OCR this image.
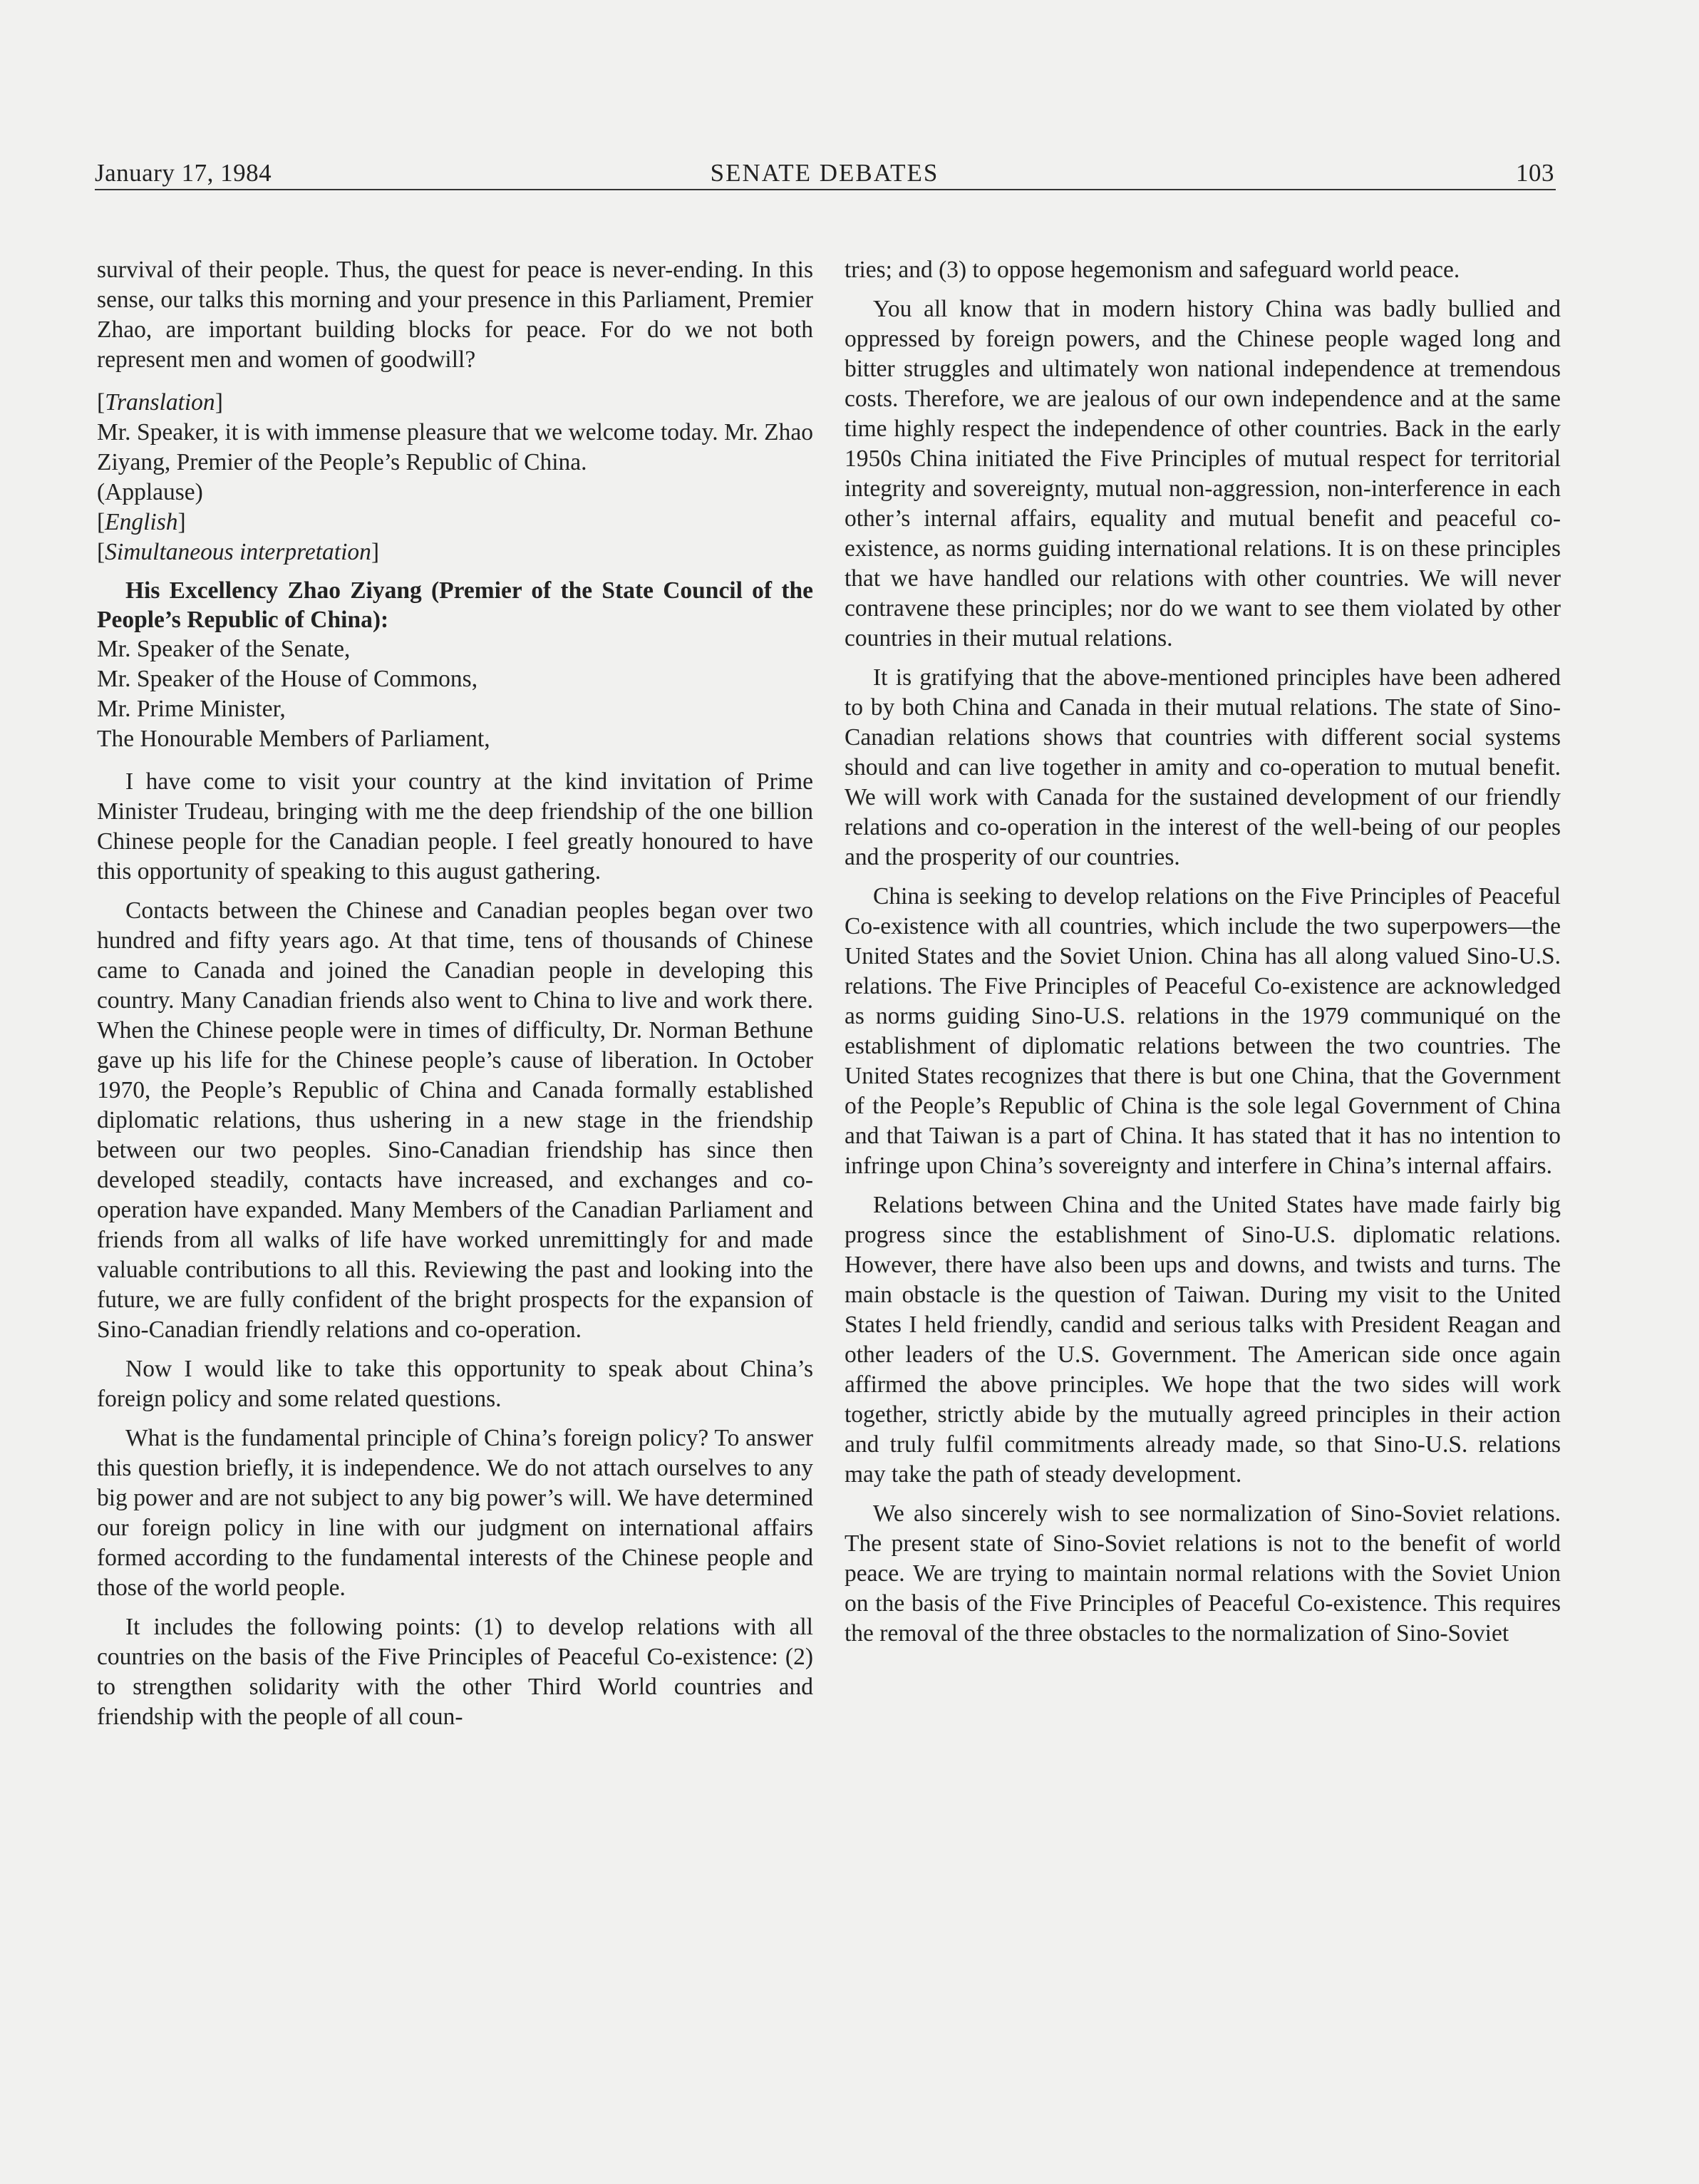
January 17, 1984	SENATE DEBATES	103

survival of their people. Thus, the quest for peace is never-ending. In this sense, our talks this morning and your presence in this Parliament, Premier Zhao, are important building blocks for peace. For do we not both represent men and women of goodwill?

[Translation]

Mr. Speaker, it is with immense pleasure that we welcome today. Mr. Zhao Ziyang, Premier of the People’s Republic of China.

(Applause)

[English]

[Simultaneous interpretation]

His Excellency Zhao Ziyang (Premier of the State Council of the People’s Republic of China):

Mr. Speaker of the Senate,

Mr. Speaker of the House of Commons,

Mr. Prime Minister,

The Honourable Members of Parliament,

I have come to visit your country at the kind invitation of Prime Minister Trudeau, bringing with me the deep friendship of the one billion Chinese people for the Canadian people. I feel greatly honoured to have this opportunity of speaking to this august gathering.

Contacts between the Chinese and Canadian peoples began over two hundred and fifty years ago. At that time, tens of thousands of Chinese came to Canada and joined the Canadian people in developing this country. Many Canadian friends also went to China to live and work there. When the Chinese people were in times of difficulty, Dr. Norman Bethune gave up his life for the Chinese people’s cause of liberation. In October 1970, the People’s Republic of China and Canada formally established diplomatic relations, thus ushering in a new stage in the friendship between our two peoples. Sino-Canadian friendship has since then developed steadily, contacts have increased, and exchanges and co-operation have expanded. Many Members of the Canadian Parliament and friends from all walks of life have worked unremittingly for and made valuable contributions to all this. Reviewing the past and looking into the future, we are fully confident of the bright prospects for the expansion of Sino-Canadian friendly relations and co-operation.

Now I would like to take this opportunity to speak about China’s foreign policy and some related questions.

What is the fundamental principle of China’s foreign policy? To answer this question briefly, it is independence. We do not attach ourselves to any big power and are not subject to any big power’s will. We have determined our foreign policy in line with our judgment on international affairs formed according to the fundamental interests of the Chinese people and those of the world people.

It includes the following points: (1) to develop relations with all countries on the basis of the Five Principles of Peaceful Co-existence: (2) to strengthen solidarity with the other Third World countries and friendship with the people of all coun-

tries; and (3) to oppose hegemonism and safeguard world peace.

You all know that in modern history China was badly bullied and oppressed by foreign powers, and the Chinese people waged long and bitter struggles and ultimately won national independence at tremendous costs. Therefore, we are jealous of our own independence and at the same time highly respect the independence of other countries. Back in the early 1950s China initiated the Five Principles of mutual respect for territorial integrity and sovereignty, mutual non-aggression, non-interference in each other’s internal affairs, equality and mutual benefit and peaceful co-existence, as norms guiding international relations. It is on these principles that we have handled our relations with other countries. We will never contravene these principles; nor do we want to see them violated by other countries in their mutual relations.

It is gratifying that the above-mentioned principles have been adhered to by both China and Canada in their mutual relations. The state of Sino-Canadian relations shows that countries with different social systems should and can live together in amity and co-operation to mutual benefit. We will work with Canada for the sustained development of our friendly relations and co-operation in the interest of the well-being of our peoples and the prosperity of our countries.

China is seeking to develop relations on the Five Principles of Peaceful Co-existence with all countries, which include the two superpowers—the United States and the Soviet Union. China has all along valued Sino-U.S. relations. The Five Principles of Peaceful Co-existence are acknowledged as norms guiding Sino-U.S. relations in the 1979 communiqué on the establishment of diplomatic relations between the two countries. The United States recognizes that there is but one China, that the Government of the People’s Republic of China is the sole legal Government of China and that Taiwan is a part of China. It has stated that it has no intention to infringe upon China’s sovereignty and interfere in China’s internal affairs.

Relations between China and the United States have made fairly big progress since the establishment of Sino-U.S. diplomatic relations. However, there have also been ups and downs, and twists and turns. The main obstacle is the question of Taiwan. During my visit to the United States I held friendly, candid and serious talks with President Reagan and other leaders of the U.S. Government. The American side once again affirmed the above principles. We hope that the two sides will work together, strictly abide by the mutually agreed principles in their action and truly fulfil commitments already made, so that Sino-U.S. relations may take the path of steady development.

We also sincerely wish to see normalization of Sino-Soviet relations. The present state of Sino-Soviet relations is not to the benefit of world peace. We are trying to maintain normal relations with the Soviet Union on the basis of the Five Principles of Peaceful Co-existence. This requires the removal of the three obstacles to the normalization of Sino-Soviet
